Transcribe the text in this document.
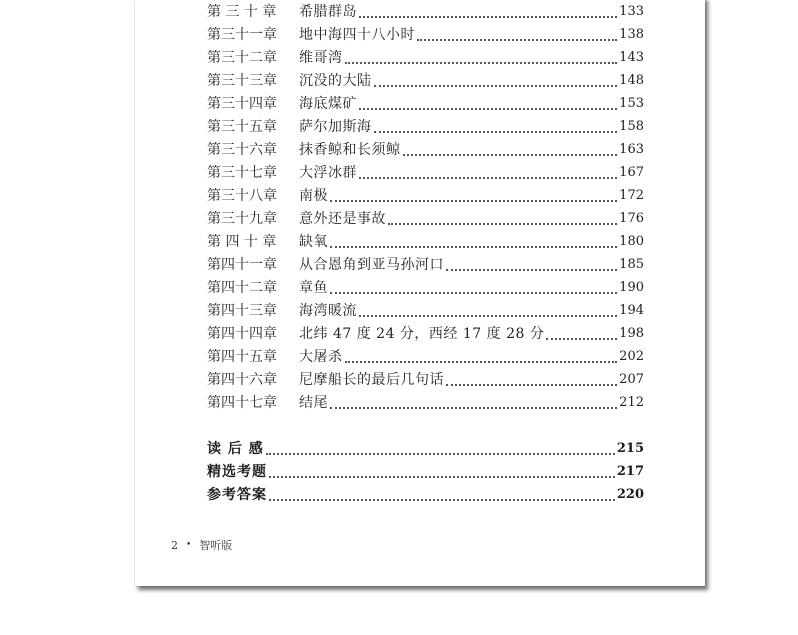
第 三 十 章	希腊群岛	133
第三十一章	地中海四十八小时	138
第三十二章	维哥湾	143
第三十三章	沉没的大陆	148
第三十四章	海底煤矿	153
第三十五章	萨尔加斯海	158
第三十六章	抹香鲸和长须鲸	163
第三十七章	大浮冰群	167
第三十八章	南极	172
第三十九章	意外还是事故	176
第 四 十 章	缺氧	180
第四十一章	从合恩角到亚马孙河口	185
第四十二章	章鱼	190
第四十三章	海湾暖流	194
第四十四章	北纬 47 度 24 分，西经 17 度 28 分	198
第四十五章	大屠杀	202
第四十六章	尼摩船长的最后几句话	207
第四十七章	结尾	212
读 后 感	215
精选考题	217
参考答案	220
2 • 智听版
